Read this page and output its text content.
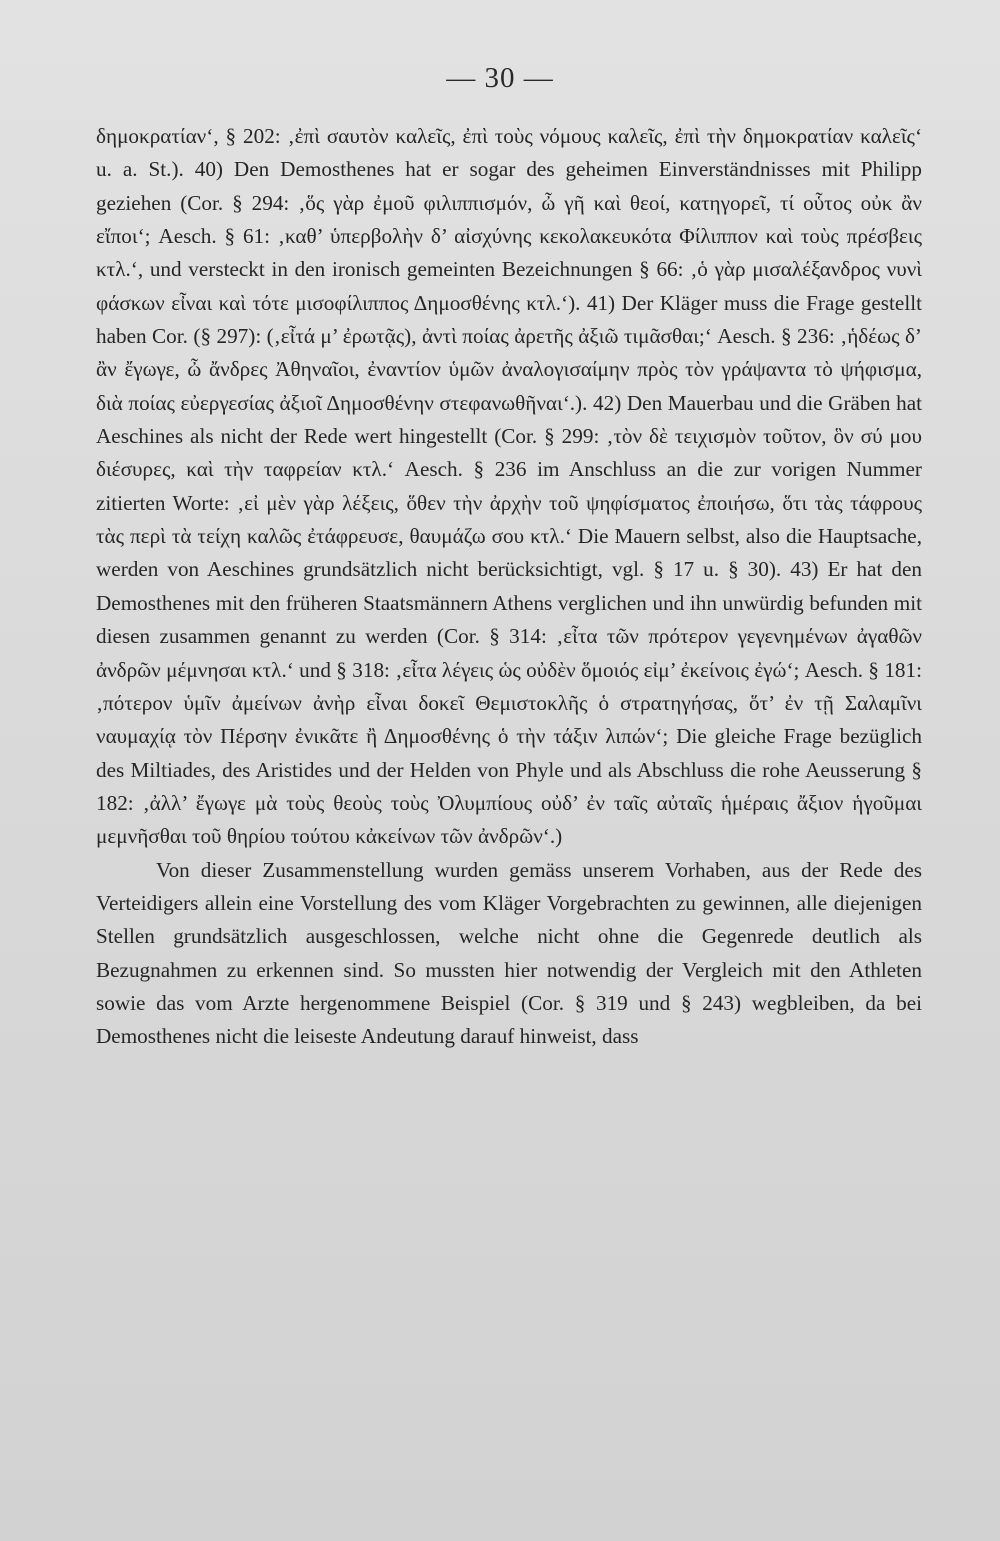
— 30 —

δημοκρατίαν‘, § 202: ‚ἐπὶ σαυτὸν καλεῖς, ἐπὶ τοὺς νόμους καλεῖς, ἐπὶ τὴν δημοκρατίαν καλεῖς‘ u. a. St.). 40) Den Demosthenes hat er sogar des geheimen Einverständnisses mit Philipp geziehen (Cor. § 294: ‚ὅς γὰρ ἐμοῦ φιλιππισμόν, ὦ γῆ καὶ θεοί, κατηγορεῖ, τί οὗτος οὐκ ἂν εἴποι‘; Aesch. § 61: ‚καθ’ ὑπερβολὴν δ’ αἰσχύνης κεκολακευκότα Φίλιππον καὶ τοὺς πρέσβεις κτλ.‘, und versteckt in den ironisch gemeinten Bezeichnungen § 66: ‚ὁ γὰρ μισαλέξανδρος νυνὶ φάσκων εἶναι καὶ τότε μισοφίλιππος Δημοσθένης κτλ.‘). 41) Der Kläger muss die Frage gestellt haben Cor. (§ 297): (‚εἶτά μ’ ἐρωτᾷς), ἀντὶ ποίας ἀρετῆς ἀξιῶ τιμᾶσθαι;‘ Aesch. § 236: ‚ἡδέως δ’ ἂν ἔγωγε, ὦ ἄνδρες Ἀθηναῖοι, ἐναντίον ὑμῶν ἀναλογισαίμην πρὸς τὸν γράψαντα τὸ ψήφισμα, διὰ ποίας εὐεργεσίας ἀξιοῖ Δημοσθένην στεφανωθῆναι‘.). 42) Den Mauerbau und die Gräben hat Aeschines als nicht der Rede wert hingestellt (Cor. § 299: ‚τὸν δὲ τειχισμὸν τοῦτον, ὃν σύ μου διέσυρες, καὶ τὴν ταφρείαν κτλ.‘ Aesch. § 236 im Anschluss an die zur vorigen Nummer zitierten Worte: ‚εἰ μὲν γὰρ λέξεις, ὅθεν τὴν ἀρχὴν τοῦ ψηφίσματος ἐποιήσω, ὅτι τὰς τάφρους τὰς περὶ τὰ τείχη καλῶς ἐτάφρευσε, θαυμάζω σου κτλ.‘ Die Mauern selbst, also die Hauptsache, werden von Aeschines grundsätzlich nicht berücksichtigt, vgl. § 17 u. § 30). 43) Er hat den Demosthenes mit den früheren Staatsmännern Athens verglichen und ihn unwürdig befunden mit diesen zusammen genannt zu werden (Cor. § 314: ‚εἶτα τῶν πρότερον γεγενημένων ἀγαθῶν ἀνδρῶν μέμνησαι κτλ.‘ und § 318: ‚εἶτα λέγεις ὡς οὐδὲν ὅμοιός εἰμ’ ἐκείνοις ἐγώ‘; Aesch. § 181: ‚πότερον ὑμῖν ἀμείνων ἀνὴρ εἶναι δοκεῖ Θεμιστοκλῆς ὁ στρατηγήσας, ὅτ’ ἐν τῇ Σαλαμῖνι ναυμαχίᾳ τὸν Πέρσην ἐνικᾶτε ἢ Δημοσθένης ὁ τὴν τάξιν λιπών‘; Die gleiche Frage bezüglich des Miltiades, des Aristides und der Helden von Phyle und als Abschluss die rohe Aeusserung § 182: ‚ἀλλ’ ἔγωγε μὰ τοὺς θεοὺς τοὺς Ὀλυμπίους οὐδ’ ἐν ταῖς αὐταῖς ἡμέραις ἄξιον ἡγοῦμαι μεμνῆσθαι τοῦ θηρίου τούτου κἀκείνων τῶν ἀνδρῶν‘.)

Von dieser Zusammenstellung wurden gemäss unserem Vorhaben, aus der Rede des Verteidigers allein eine Vorstellung des vom Kläger Vorgebrachten zu gewinnen, alle diejenigen Stellen grundsätzlich ausgeschlossen, welche nicht ohne die Gegenrede deutlich als Bezugnahmen zu erkennen sind. So mussten hier notwendig der Vergleich mit den Athleten sowie das vom Arzte hergenommene Beispiel (Cor. § 319 und § 243) wegbleiben, da bei Demosthenes nicht die leiseste Andeutung darauf hinweist, dass
